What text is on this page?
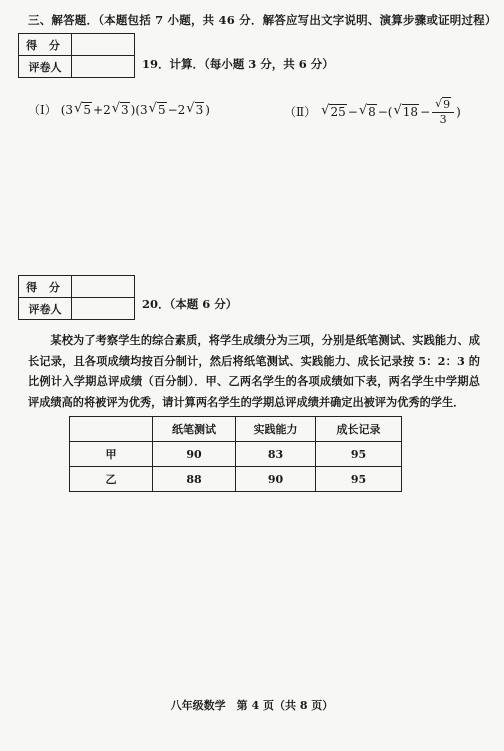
三、解答题．（本题包括 7 小题，共 46 分．解答应写出文字说明、演算步骤或证明过程）
得 分	
评卷人		19．计算．（每小题 3 分，共 6 分）
（Ⅰ） (3 √ 5 +2 √ 3 )(3 √ 5 −2 √ 3 )	（Ⅱ） √ 25 − √ 8 −( √ $18 - \frac{√ 9}{3}$ )
得 分	
评卷人		20．（本题 6 分）
某校为了考察学生的综合素质，将学生成绩分为三项，分别是纸笔测试、实践能力、成长记录，且各项成绩均按百分制计，然后将纸笔测试、实践能力、成长记录按 5：2：3 的比例计入学期总评成绩（百分制）．甲、乙两名学生的各项成绩如下表，两名学生中学期总评成绩高的将被评为优秀，请计算两名学生的学期总评成绩并确定出被评为优秀的学生．
	纸笔测试	实践能力	成长记录
甲	90	83	95
乙	88	90	95
八年级数学　第 4 页（共 8 页）
